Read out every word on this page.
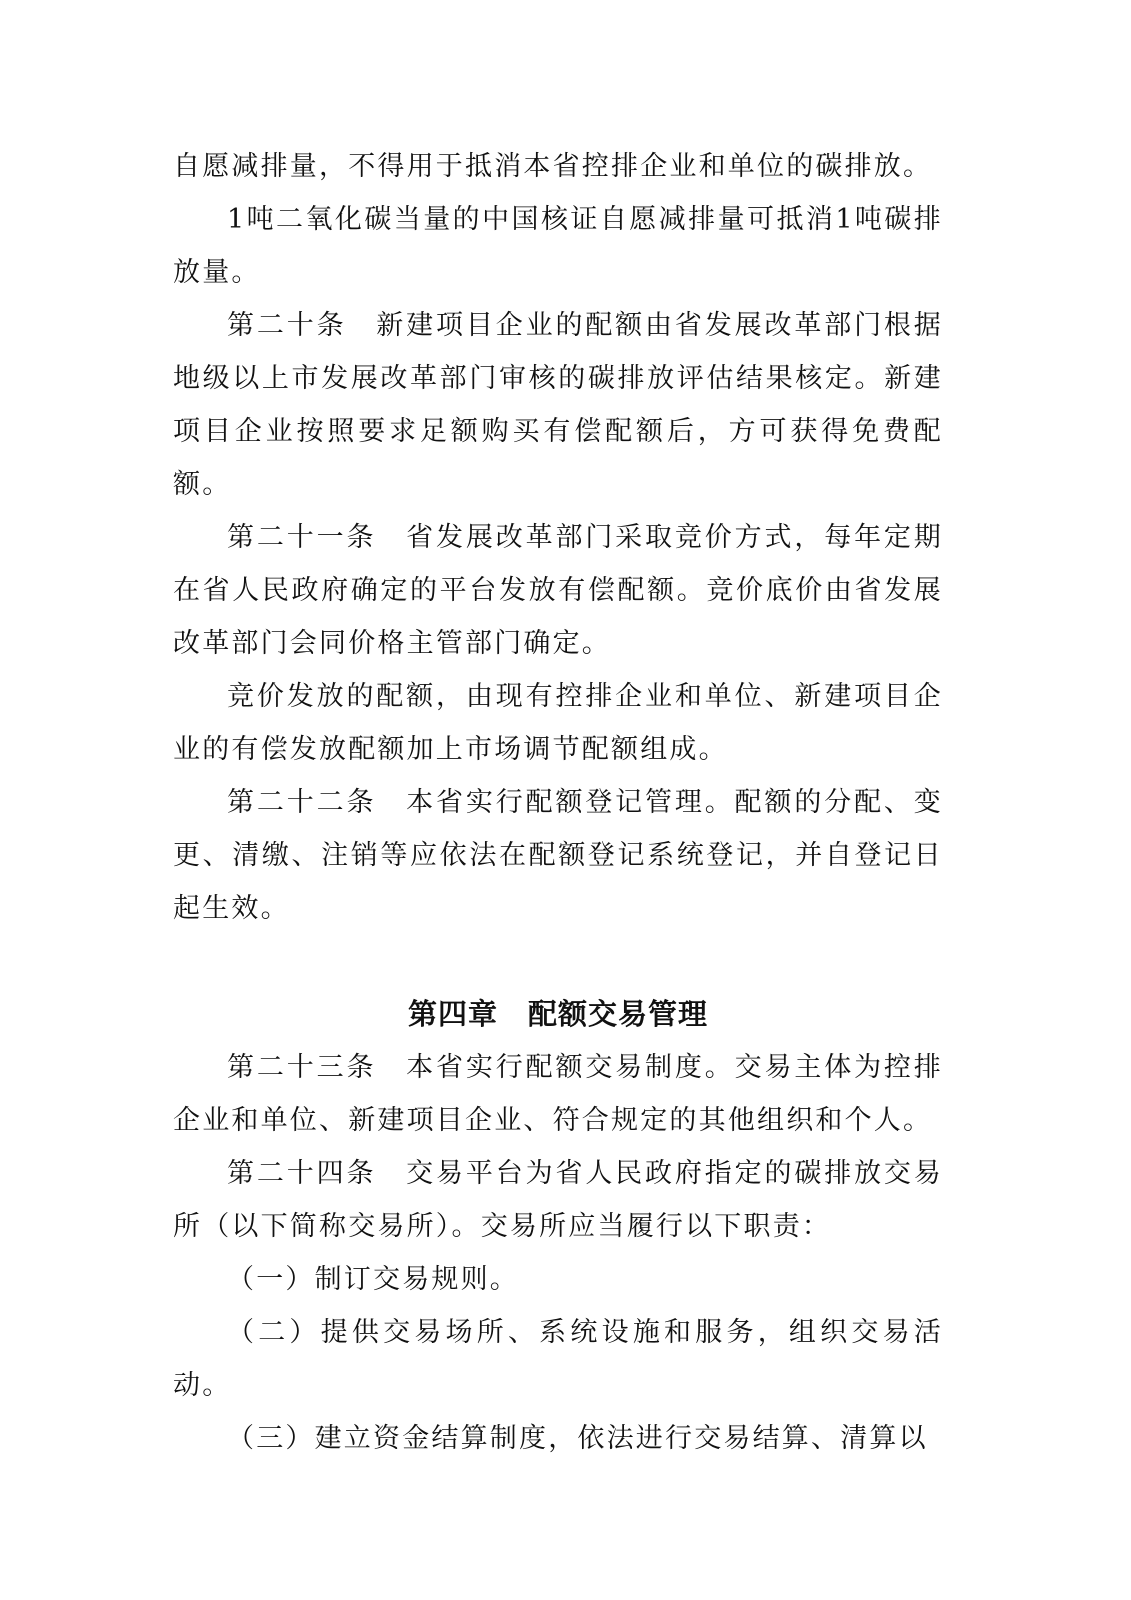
自愿减排量，不得用于抵消本省控排企业和单位的碳排放。

1吨二氧化碳当量的中国核证自愿减排量可抵消1吨碳排放量。

第二十条　新建项目企业的配额由省发展改革部门根据地级以上市发展改革部门审核的碳排放评估结果核定。新建项目企业按照要求足额购买有偿配额后，方可获得免费配额。

第二十一条　省发展改革部门采取竞价方式，每年定期在省人民政府确定的平台发放有偿配额。竞价底价由省发展改革部门会同价格主管部门确定。

竞价发放的配额，由现有控排企业和单位、新建项目企业的有偿发放配额加上市场调节配额组成。

第二十二条　本省实行配额登记管理。配额的分配、变更、清缴、注销等应依法在配额登记系统登记，并自登记日起生效。

第四章　配额交易管理

第二十三条　本省实行配额交易制度。交易主体为控排企业和单位、新建项目企业、符合规定的其他组织和个人。

第二十四条　交易平台为省人民政府指定的碳排放交易所（以下简称交易所）。交易所应当履行以下职责：

（一）制订交易规则。

（二）提供交易场所、系统设施和服务，组织交易活动。

（三）建立资金结算制度，依法进行交易结算、清算以
